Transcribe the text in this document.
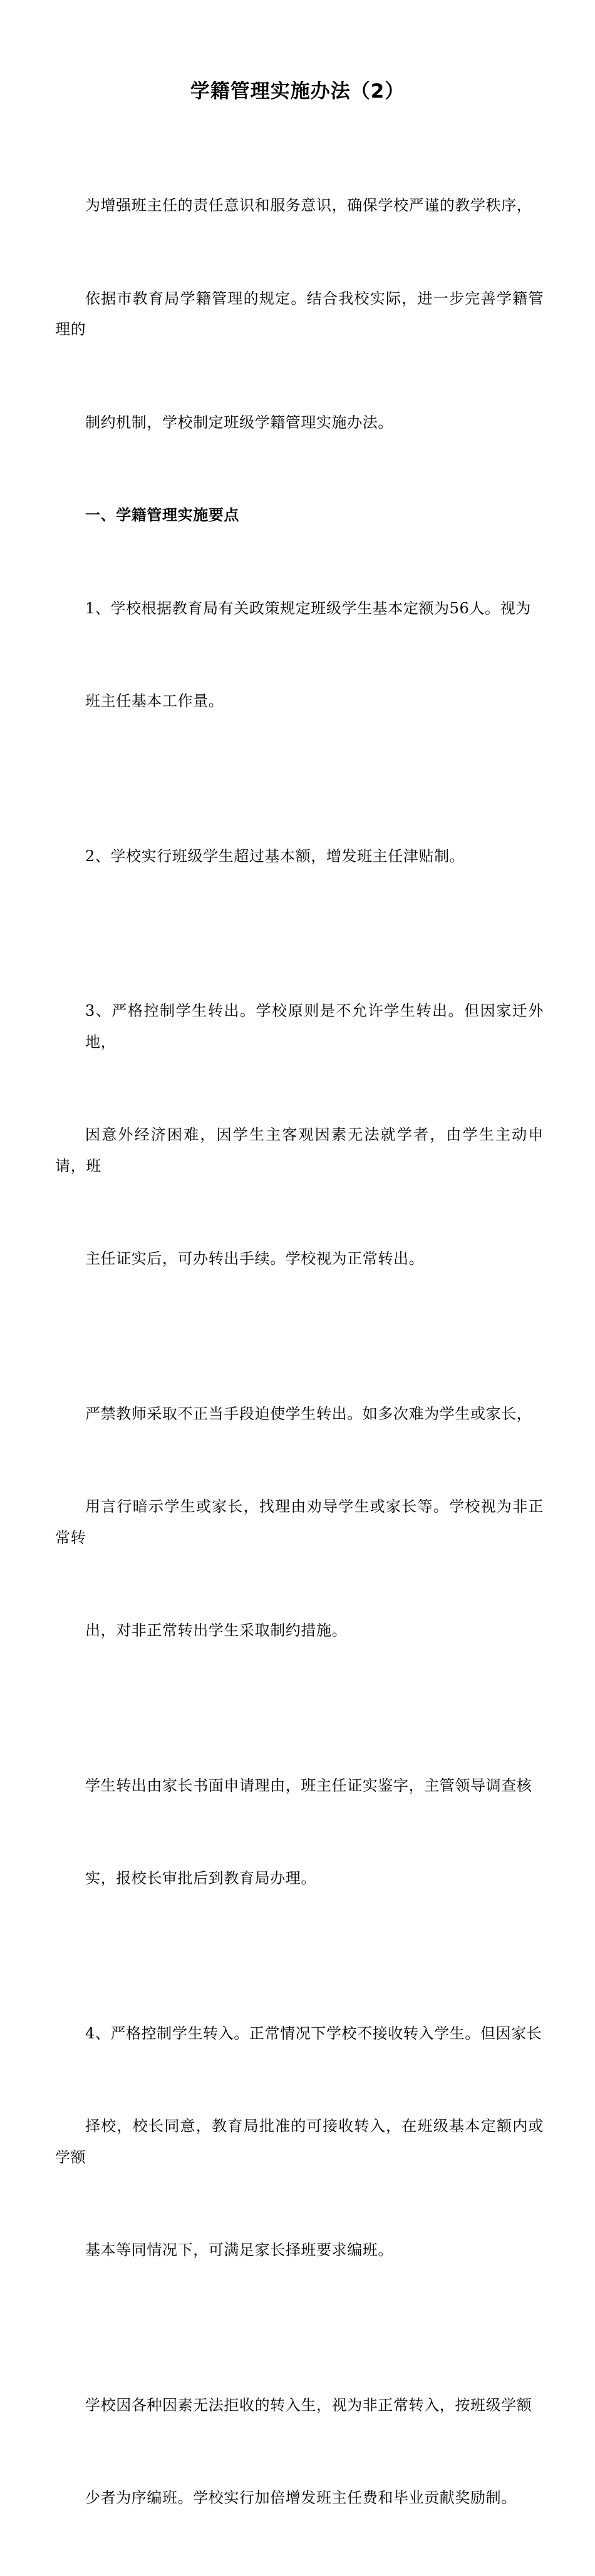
学籍管理实施办法（2）

为增强班主任的责任意识和服务意识，确保学校严谨的教学秩序，

依据市教育局学籍管理的规定。结合我校实际，进一步完善学籍管理的

制约机制，学校制定班级学籍管理实施办法。

一、学籍管理实施要点

1、学校根据教育局有关政策规定班级学生基本定额为56人。视为

班主任基本工作量。

2、学校实行班级学生超过基本额，增发班主任津贴制。

3、严格控制学生转出。学校原则是不允许学生转出。但因家迁外地，

因意外经济困难，因学生主客观因素无法就学者，由学生主动申请，班

主任证实后，可办转出手续。学校视为正常转出。

严禁教师采取不正当手段迫使学生转出。如多次难为学生或家长，

用言行暗示学生或家长，找理由劝导学生或家长等。学校视为非正常转

出，对非正常转出学生采取制约措施。

学生转出由家长书面申请理由，班主任证实鉴字，主管领导调查核

实，报校长审批后到教育局办理。

4、严格控制学生转入。正常情况下学校不接收转入学生。但因家长

择校，校长同意，教育局批准的可接收转入，在班级基本定额内或学额

基本等同情况下，可满足家长择班要求编班。

学校因各种因素无法拒收的转入生，视为非正常转入，按班级学额

少者为序编班。学校实行加倍增发班主任费和毕业贡献奖励制。
